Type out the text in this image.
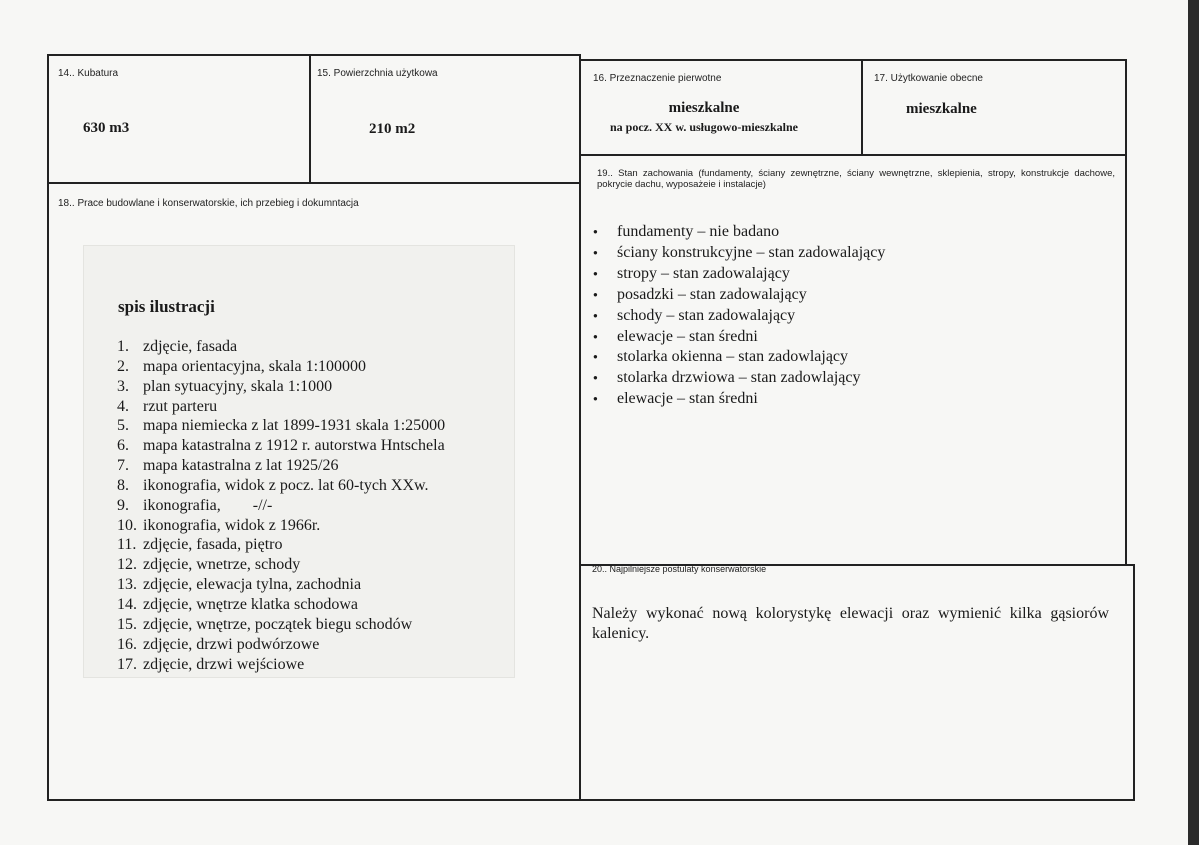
14.. Kubatura
630 m3
15. Powierzchnia użytkowa
210 m2
16. Przeznaczenie pierwotne
mieszkalne
na pocz. XX w. usługowo-mieszkalne
17. Użytkowanie obecne
mieszkalne
18.. Prace budowlane i konserwatorskie, ich przebieg i dokumntacja
spis ilustracji
1. zdjęcie, fasada
2. mapa orientacyjna, skala 1:100000
3. plan sytuacyjny, skala 1:1000
4. rzut parteru
5. mapa niemiecka z lat 1899-1931 skala 1:25000
6. mapa katastralna z 1912 r. autorstwa Hntschela
7. mapa katastralna z lat 1925/26
8. ikonografia, widok z pocz. lat 60-tych XXw.
9. ikonografia,        -//-
10. ikonografia, widok z 1966r.
11. zdjęcie, fasada, piętro
12. zdjęcie, wnetrze, schody
13. zdjęcie, elewacja tylna, zachodnia
14. zdjęcie, wnętrze klatka schodowa
15. zdjęcie, wnętrze, początek biegu schodów
16. zdjęcie, drzwi podwórzowe
17. zdjęcie, drzwi wejściowe
19.. Stan zachowania (fundamenty, ściany zewnętrzne, ściany wewnętrzne, sklepienia, stropy, konstrukcje dachowe, pokrycie dachu, wyposażeie i instalacje)
● fundamenty – nie badano
● ściany konstrukcyjne – stan zadowalający
● stropy – stan zadowalający
● posadzki – stan zadowalający
● schody – stan zadowalający
● elewacje – stan średni
● stolarka okienna – stan zadowlający
● stolarka drzwiowa – stan zadowlający
● elewacje – stan średni
20.. Najpilniejsze postulaty konserwatorskie
Należy wykonać nową kolorystykę elewacji oraz wymienić kilka gąsiorów kalenicy.
